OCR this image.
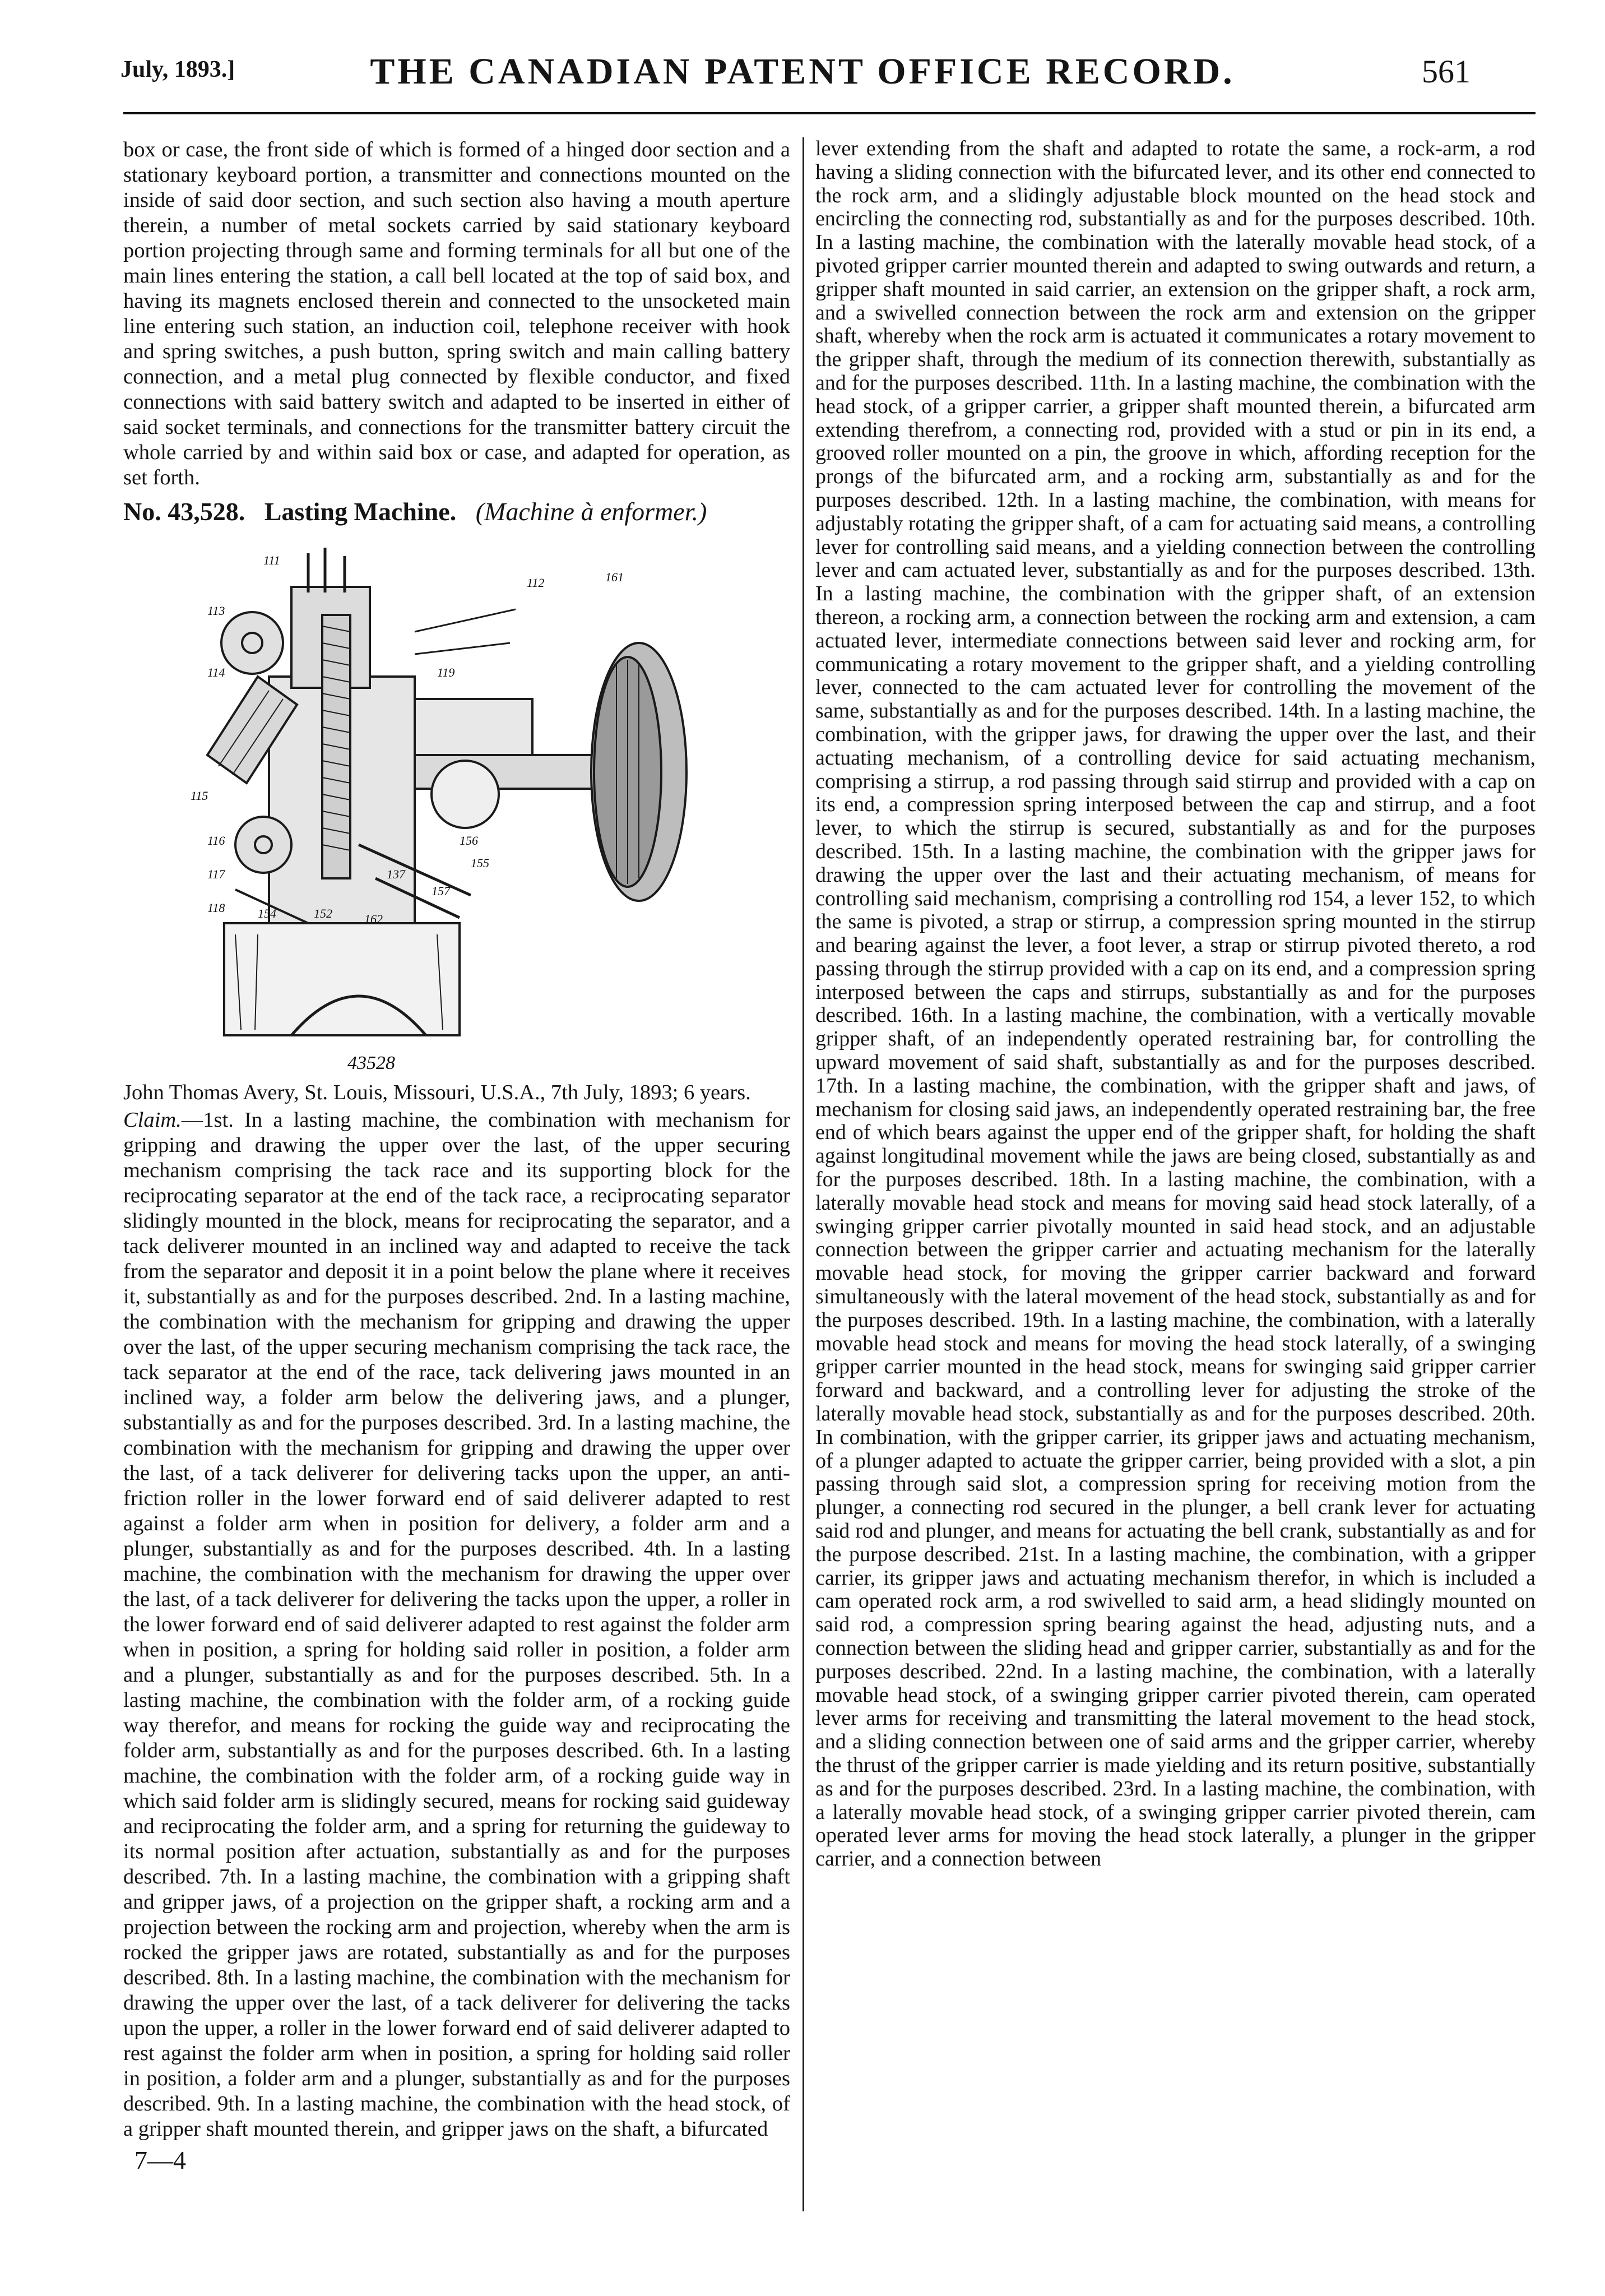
July, 1893.]	THE CANADIAN PATENT OFFICE RECORD.	561

box or case, the front side of which is formed of a hinged door section and a stationary keyboard portion, a transmitter and connections mounted on the inside of said door section, and such section also having a mouth aperture therein, a number of metal sockets carried by said stationary keyboard portion projecting through same and forming terminals for all but one of the main lines entering the station, a call bell located at the top of said box, and having its magnets enclosed therein and connected to the unsocketed main line entering such station, an induction coil, telephone receiver with hook and spring switches, a push button, spring switch and main calling battery connection, and a metal plug connected by flexible conductor, and fixed connections with said battery switch and adapted to be inserted in either of said socket terminals, and connections for the transmitter battery circuit the whole carried by and within said box or case, and adapted for operation, as set forth.

No. 43,528. Lasting Machine. (Machine à enformer.)
111
112	161
113
114
115
116
117
118
119
157
156
155
137
162
152
154
43528

John Thomas Avery, St. Louis, Missouri, U.S.A., 7th July, 1893; 6 years.

Claim.—1st. In a lasting machine, the combination with mechanism for gripping and drawing the upper over the last, of the upper securing mechanism comprising the tack race and its supporting block for the reciprocating separator at the end of the tack race, a reciprocating separator slidingly mounted in the block, means for reciprocating the separator, and a tack deliverer mounted in an inclined way and adapted to receive the tack from the separator and deposit it in a point below the plane where it receives it, substantially as and for the purposes described. 2nd. In a lasting machine, the combination with the mechanism for gripping and drawing the upper over the last, of the upper securing mechanism comprising the tack race, the tack separator at the end of the race, tack delivering jaws mounted in an inclined way, a folder arm below the delivering jaws, and a plunger, substantially as and for the purposes described. 3rd. In a lasting machine, the combination with the mechanism for gripping and drawing the upper over the last, of a tack deliverer for delivering tacks upon the upper, an anti-friction roller in the lower forward end of said deliverer adapted to rest against a folder arm when in position for delivery, a folder arm and a plunger, substantially as and for the purposes described. 4th. In a lasting machine, the combination with the mechanism for drawing the upper over the last, of a tack deliverer for delivering the tacks upon the upper, a roller in the lower forward end of said deliverer adapted to rest against the folder arm when in position, a spring for holding said roller in position, a folder arm and a plunger, substantially as and for the purposes described. 5th. In a lasting machine, the combination with the folder arm, of a rocking guide way therefor, and means for rocking the guide way and reciprocating the folder arm, substantially as and for the purposes described. 6th. In a lasting machine, the combination with the folder arm, of a rocking guide way in which said folder arm is slidingly secured, means for rocking said guideway and reciprocating the folder arm, and a spring for returning the guideway to its normal position after actuation, substantially as and for the purposes described. 7th. In a lasting machine, the combination with a gripping shaft and gripper jaws, of a projection on the gripper shaft, a rocking arm and a projection between the rocking arm and projection, whereby when the arm is rocked the gripper jaws are rotated, substantially as and for the purposes described. 8th. In a lasting machine, the combination with the mechanism for drawing the upper over the last, of a tack deliverer for delivering the tacks upon the upper, a roller in the lower forward end of said deliverer adapted to rest against the folder arm when in position, a spring for holding said roller in position, a folder arm and a plunger, substantially as and for the purposes described. 9th. In a lasting machine, the combination with the head stock, of a gripper shaft mounted therein, and gripper jaws on the shaft, a bifurcated

7—4

lever extending from the shaft and adapted to rotate the same, a rock-arm, a rod having a sliding connection with the bifurcated lever, and its other end connected to the rock arm, and a slidingly adjustable block mounted on the head stock and encircling the connecting rod, substantially as and for the purposes described. 10th. In a lasting machine, the combination with the laterally movable head stock, of a pivoted gripper carrier mounted therein and adapted to swing outwards and return, a gripper shaft mounted in said carrier, an extension on the gripper shaft, a rock arm, and a swivelled connection between the rock arm and extension on the gripper shaft, whereby when the rock arm is actuated it communicates a rotary movement to the gripper shaft, through the medium of its connection therewith, substantially as and for the purposes described. 11th. In a lasting machine, the combination with the head stock, of a gripper carrier, a gripper shaft mounted therein, a bifurcated arm extending therefrom, a connecting rod, provided with a stud or pin in its end, a grooved roller mounted on a pin, the groove in which, affording reception for the prongs of the bifurcated arm, and a rocking arm, substantially as and for the purposes described. 12th. In a lasting machine, the combination, with means for adjustably rotating the gripper shaft, of a cam for actuating said means, a controlling lever for controlling said means, and a yielding connection between the controlling lever and cam actuated lever, substantially as and for the purposes described. 13th. In a lasting machine, the combination with the gripper shaft, of an extension thereon, a rocking arm, a connection between the rocking arm and extension, a cam actuated lever, intermediate connections between said lever and rocking arm, for communicating a rotary movement to the gripper shaft, and a yielding controlling lever, connected to the cam actuated lever for controlling the movement of the same, substantially as and for the purposes described. 14th. In a lasting machine, the combination, with the gripper jaws, for drawing the upper over the last, and their actuating mechanism, of a controlling device for said actuating mechanism, comprising a stirrup, a rod passing through said stirrup and provided with a cap on its end, a compression spring interposed between the cap and stirrup, and a foot lever, to which the stirrup is secured, substantially as and for the purposes described. 15th. In a lasting machine, the combination with the gripper jaws for drawing the upper over the last and their actuating mechanism, of means for controlling said mechanism, comprising a controlling rod 154, a lever 152, to which the same is pivoted, a strap or stirrup, a compression spring mounted in the stirrup and bearing against the lever, a foot lever, a strap or stirrup pivoted thereto, a rod passing through the stirrup provided with a cap on its end, and a compression spring interposed between the caps and stirrups, substantially as and for the purposes described. 16th. In a lasting machine, the combination, with a vertically movable gripper shaft, of an independently operated restraining bar, for controlling the upward movement of said shaft, substantially as and for the purposes described. 17th. In a lasting machine, the combination, with the gripper shaft and jaws, of mechanism for closing said jaws, an independently operated restraining bar, the free end of which bears against the upper end of the gripper shaft, for holding the shaft against longitudinal movement while the jaws are being closed, substantially as and for the purposes described. 18th. In a lasting machine, the combination, with a laterally movable head stock and means for moving said head stock laterally, of a swinging gripper carrier pivotally mounted in said head stock, and an adjustable connection between the gripper carrier and actuating mechanism for the laterally movable head stock, for moving the gripper carrier backward and forward simultaneously with the lateral movement of the head stock, substantially as and for the purposes described. 19th. In a lasting machine, the combination, with a laterally movable head stock and means for moving the head stock laterally, of a swinging gripper carrier mounted in the head stock, means for swinging said gripper carrier forward and backward, and a controlling lever for adjusting the stroke of the laterally movable head stock, substantially as and for the purposes described. 20th. In combination, with the gripper carrier, its gripper jaws and actuating mechanism, of a plunger adapted to actuate the gripper carrier, being provided with a slot, a pin passing through said slot, a compression spring for receiving motion from the plunger, a connecting rod secured in the plunger, a bell crank lever for actuating said rod and plunger, and means for actuating the bell crank, substantially as and for the purpose described. 21st. In a lasting machine, the combination, with a gripper carrier, its gripper jaws and actuating mechanism therefor, in which is included a cam operated rock arm, a rod swivelled to said arm, a head slidingly mounted on said rod, a compression spring bearing against the head, adjusting nuts, and a connection between the sliding head and gripper carrier, substantially as and for the purposes described. 22nd. In a lasting machine, the combination, with a laterally movable head stock, of a swinging gripper carrier pivoted therein, cam operated lever arms for receiving and transmitting the lateral movement to the head stock, and a sliding connection between one of said arms and the gripper carrier, whereby the thrust of the gripper carrier is made yielding and its return positive, substantially as and for the purposes described. 23rd. In a lasting machine, the combination, with a laterally movable head stock, of a swinging gripper carrier pivoted therein, cam operated lever arms for moving the head stock laterally, a plunger in the gripper carrier, and a connection between
